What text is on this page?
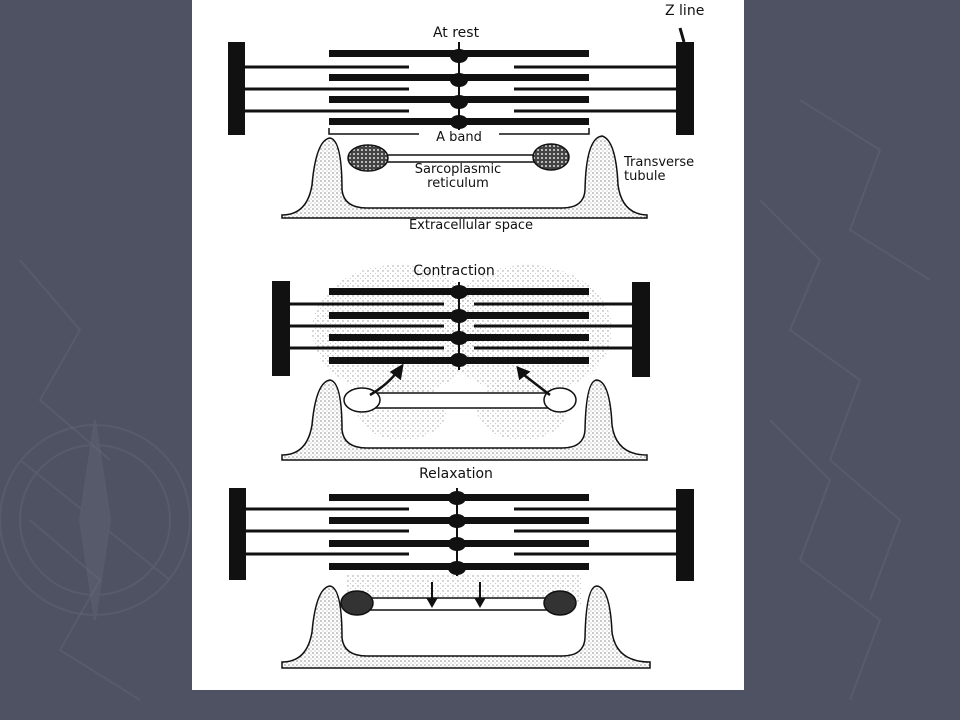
Z line
At rest
A band
Sarcoplasmic
reticulum
Transverse
tubule
Extracellular space
Contraction
Relaxation
